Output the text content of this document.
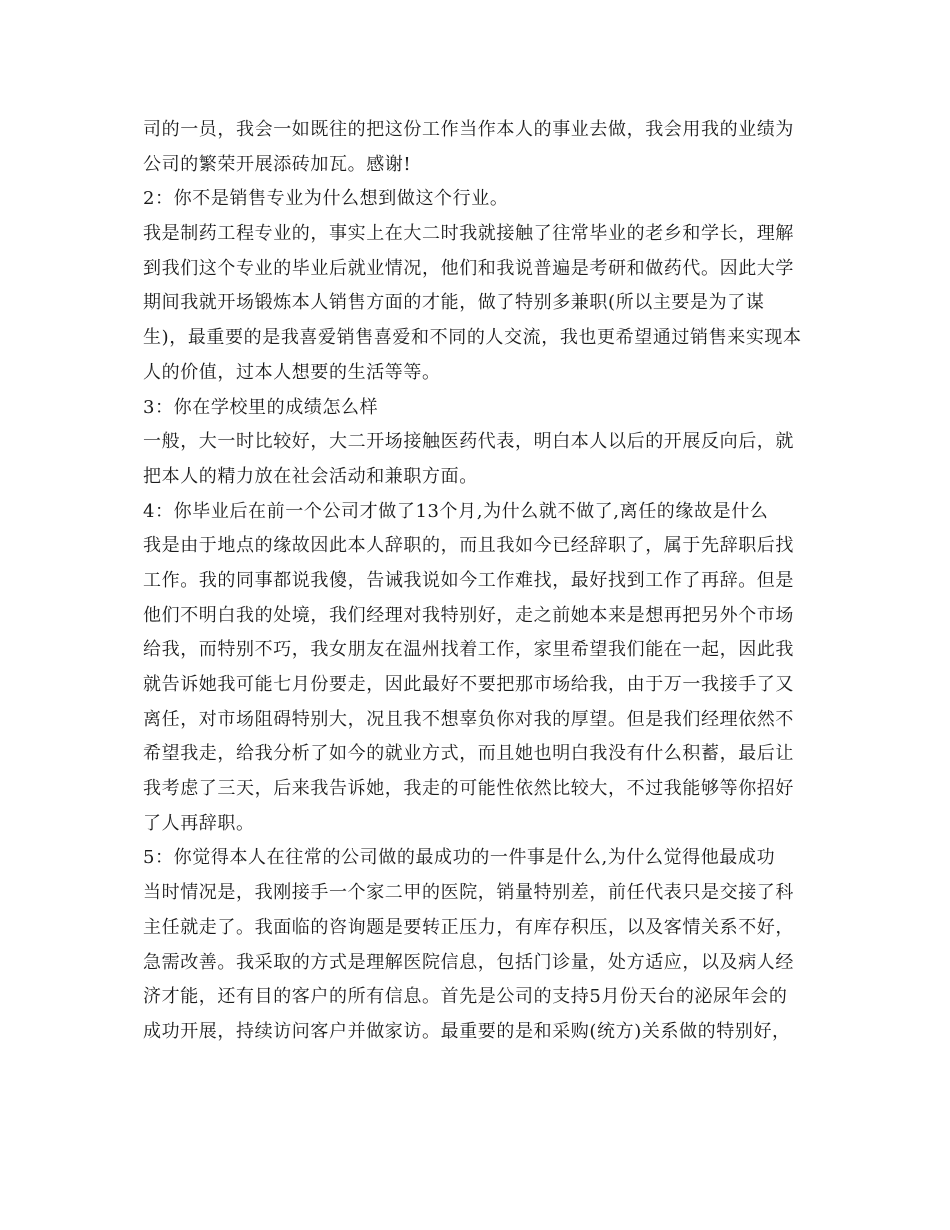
司的一员，我会一如既往的把这份工作当作本人的事业去做，我会用我的业绩为
公司的繁荣开展添砖加瓦。感谢!
2：你不是销售专业为什么想到做这个行业。
我是制药工程专业的，事实上在大二时我就接触了往常毕业的老乡和学长，理解
到我们这个专业的毕业后就业情况，他们和我说普遍是考研和做药代。因此大学
期间我就开场锻炼本人销售方面的才能，做了特别多兼职(所以主要是为了谋
生)，最重要的是我喜爱销售喜爱和不同的人交流，我也更希望通过销售来实现本
人的价值，过本人想要的生活等等。
3：你在学校里的成绩怎么样
一般，大一时比较好，大二开场接触医药代表，明白本人以后的开展反向后，就
把本人的精力放在社会活动和兼职方面。
4：你毕业后在前一个公司才做了13个月,为什么就不做了,离任的缘故是什么
我是由于地点的缘故因此本人辞职的，而且我如今已经辞职了，属于先辞职后找
工作。我的同事都说我傻，告诫我说如今工作难找，最好找到工作了再辞。但是
他们不明白我的处境，我们经理对我特别好，走之前她本来是想再把另外个市场
给我，而特别不巧，我女朋友在温州找着工作，家里希望我们能在一起，因此我
就告诉她我可能七月份要走，因此最好不要把那市场给我，由于万一我接手了又
离任，对市场阻碍特别大，况且我不想辜负你对我的厚望。但是我们经理依然不
希望我走，给我分析了如今的就业方式，而且她也明白我没有什么积蓄，最后让
我考虑了三天，后来我告诉她，我走的可能性依然比较大，不过我能够等你招好
了人再辞职。
5：你觉得本人在往常的公司做的最成功的一件事是什么,为什么觉得他最成功
当时情况是，我刚接手一个家二甲的医院，销量特别差，前任代表只是交接了科
主任就走了。我面临的咨询题是要转正压力，有库存积压，以及客情关系不好，
急需改善。我采取的方式是理解医院信息，包括门诊量，处方适应，以及病人经
济才能，还有目的客户的所有信息。首先是公司的支持5月份天台的泌尿年会的
成功开展，持续访问客户并做家访。最重要的是和采购(统方)关系做的特别好，
